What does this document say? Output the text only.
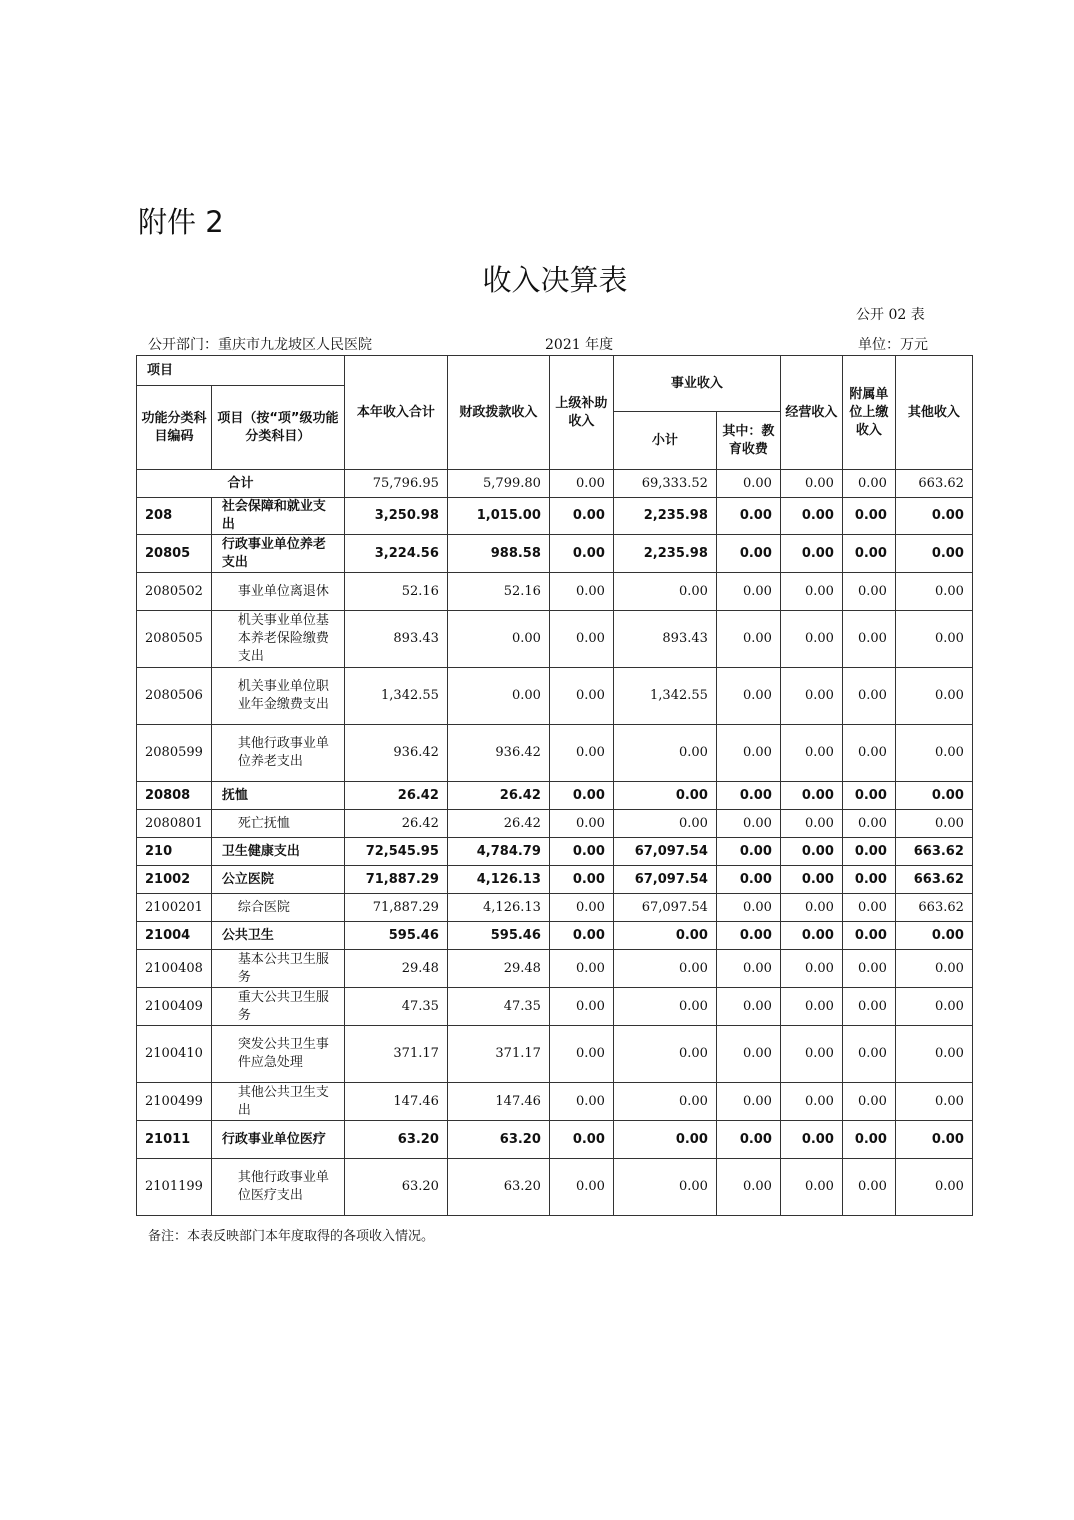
附件 2
收入决算表
公开 02 表
公开部门：重庆市九龙坡区人民医院	2021 年度	单位：万元
项目		本年收入合计	财政拨款收入	上级补助收入	事业收入		经营收入	附属单位上缴收入	其他收入
功能分类科目编码	项目（按“项”级功能分类科目）								
					小计	其中：教育收费			
合计		75,796.95	5,799.80	0.00	69,333.52	0.00	0.00	0.00	663.62
208	社会保障和就业支出	3,250.98	1,015.00	0.00	2,235.98	0.00	0.00	0.00	0.00
20805	行政事业单位养老支出	3,224.56	988.58	0.00	2,235.98	0.00	0.00	0.00	0.00
2080502	事业单位离退休	52.16	52.16	0.00	0.00	0.00	0.00	0.00	0.00
2080505	机关事业单位基本养老保险缴费支出	893.43	0.00	0.00	893.43	0.00	0.00	0.00	0.00
2080506	机关事业单位职业年金缴费支出	1,342.55	0.00	0.00	1,342.55	0.00	0.00	0.00	0.00
2080599	其他行政事业单位养老支出	936.42	936.42	0.00	0.00	0.00	0.00	0.00	0.00
20808	抚恤	26.42	26.42	0.00	0.00	0.00	0.00	0.00	0.00
2080801	死亡抚恤	26.42	26.42	0.00	0.00	0.00	0.00	0.00	0.00
210	卫生健康支出	72,545.95	4,784.79	0.00	67,097.54	0.00	0.00	0.00	663.62
21002	公立医院	71,887.29	4,126.13	0.00	67,097.54	0.00	0.00	0.00	663.62
2100201	综合医院	71,887.29	4,126.13	0.00	67,097.54	0.00	0.00	0.00	663.62
21004	公共卫生	595.46	595.46	0.00	0.00	0.00	0.00	0.00	0.00
2100408	基本公共卫生服务	29.48	29.48	0.00	0.00	0.00	0.00	0.00	0.00
2100409	重大公共卫生服务	47.35	47.35	0.00	0.00	0.00	0.00	0.00	0.00
2100410	突发公共卫生事件应急处理	371.17	371.17	0.00	0.00	0.00	0.00	0.00	0.00
2100499	其他公共卫生支出	147.46	147.46	0.00	0.00	0.00	0.00	0.00	0.00
21011	行政事业单位医疗	63.20	63.20	0.00	0.00	0.00	0.00	0.00	0.00
2101199	其他行政事业单位医疗支出	63.20	63.20	0.00	0.00	0.00	0.00	0.00	0.00
备注：本表反映部门本年度取得的各项收入情况。
